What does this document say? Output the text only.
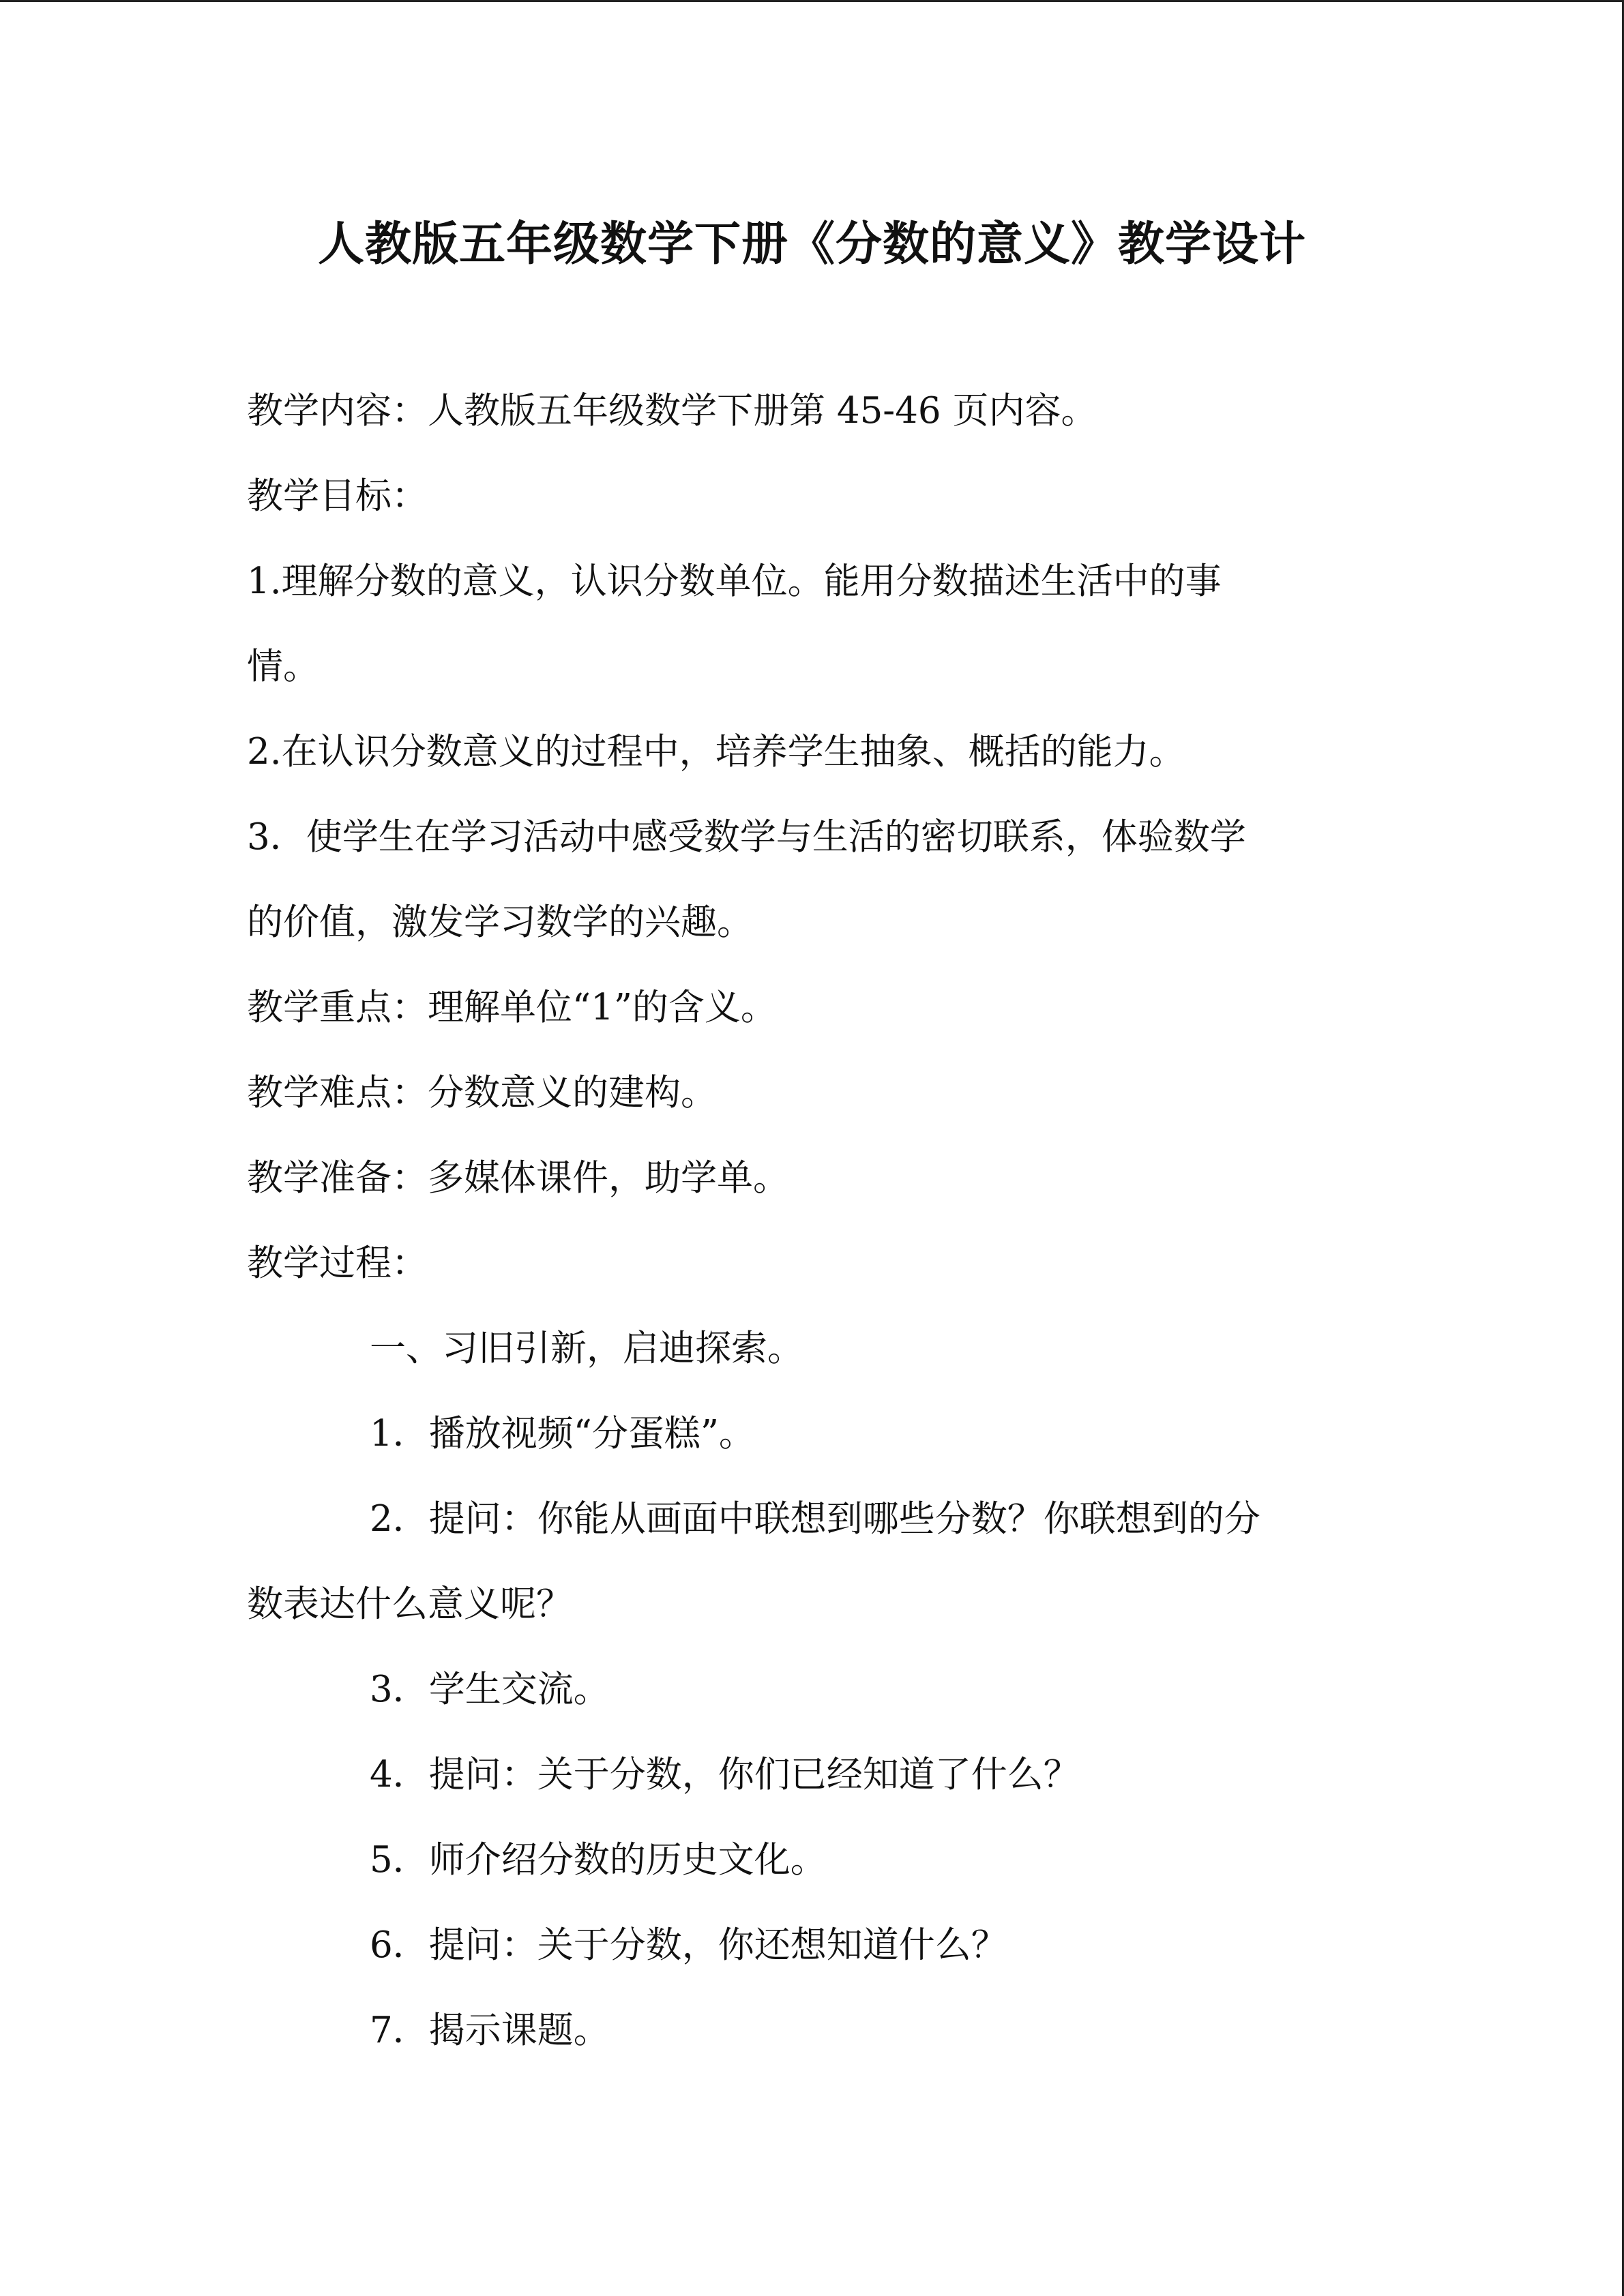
人教版五年级数学下册《分数的意义》教学设计
教学内容：人教版五年级数学下册第 45-46 页内容。
教学目标：
1.理解分数的意义，认识分数单位。能用分数描述生活中的事
情。
2.在认识分数意义的过程中，培养学生抽象、概括的能力。
3．使学生在学习活动中感受数学与生活的密切联系，体验数学
的价值，激发学习数学的兴趣。
教学重点：理解单位“1”的含义。
教学难点：分数意义的建构。
教学准备：多媒体课件，助学单。
教学过程：
一、习旧引新，启迪探索。
1．播放视频“分蛋糕”。
2．提问：你能从画面中联想到哪些分数？你联想到的分
数表达什么意义呢？
3．学生交流。
4．提问：关于分数，你们已经知道了什么？
5．师介绍分数的历史文化。
6．提问：关于分数，你还想知道什么？
7．揭示课题。
